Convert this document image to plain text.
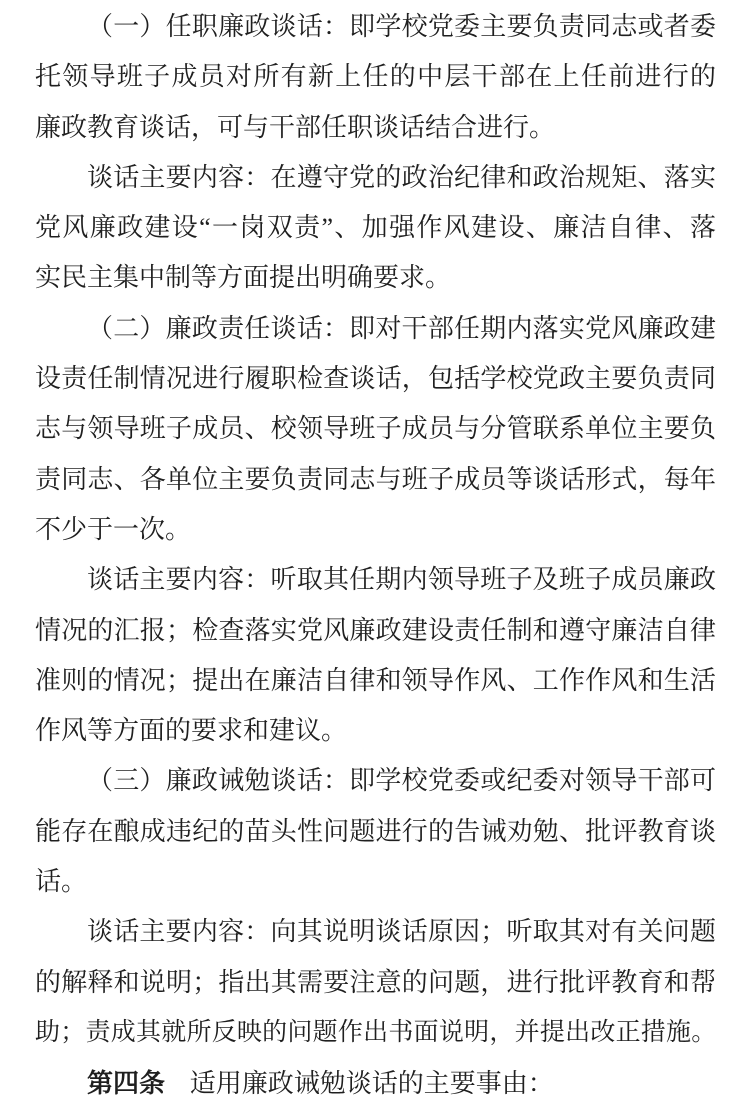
（一）任职廉政谈话：即学校党委主要负责同志或者委
托领导班子成员对所有新上任的中层干部在上任前进行的
廉政教育谈话，可与干部任职谈话结合进行。
谈话主要内容：在遵守党的政治纪律和政治规矩、落实
党风廉政建设“一岗双责”、加强作风建设、廉洁自律、落
实民主集中制等方面提出明确要求。
（二）廉政责任谈话：即对干部任期内落实党风廉政建
设责任制情况进行履职检查谈话，包括学校党政主要负责同
志与领导班子成员、校领导班子成员与分管联系单位主要负
责同志、各单位主要负责同志与班子成员等谈话形式，每年
不少于一次。
谈话主要内容：听取其任期内领导班子及班子成员廉政
情况的汇报；检查落实党风廉政建设责任制和遵守廉洁自律
准则的情况；提出在廉洁自律和领导作风、工作作风和生活
作风等方面的要求和建议。
（三）廉政诫勉谈话：即学校党委或纪委对领导干部可
能存在酿成违纪的苗头性问题进行的告诫劝勉、批评教育谈
话。
谈话主要内容：向其说明谈话原因；听取其对有关问题
的解释和说明；指出其需要注意的问题，进行批评教育和帮
助；责成其就所反映的问题作出书面说明，并提出改正措施。
第四条 适用廉政诫勉谈话的主要事由：
